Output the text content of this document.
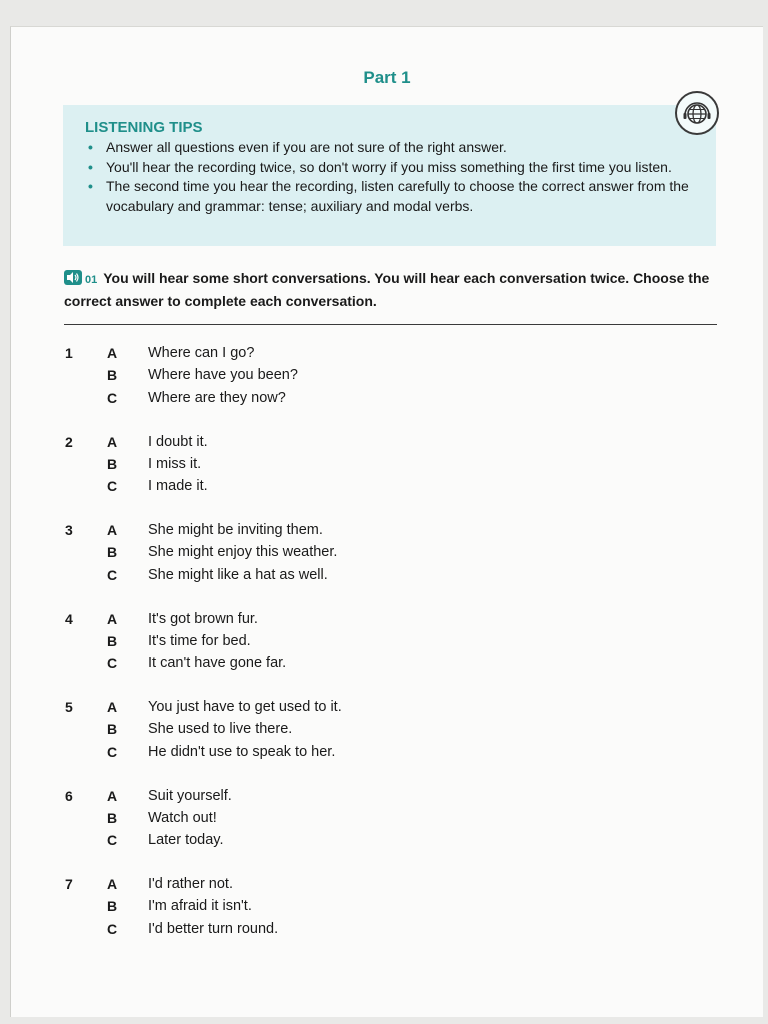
Part 1
LISTENING TIPS
• Answer all questions even if you are not sure of the right answer.
• You'll hear the recording twice, so don't worry if you miss something the first time you listen.
• The second time you hear the recording, listen carefully to choose the correct answer from the vocabulary and grammar: tense; auxiliary and modal verbs.
01 You will hear some short conversations. You will hear each conversation twice. Choose the correct answer to complete each conversation.
1 A Where can I go?
B Where have you been?
C Where are they now?
2 A I doubt it.
B I miss it.
C I made it.
3 A She might be inviting them.
B She might enjoy this weather.
C She might like a hat as well.
4 A It's got brown fur.
B It's time for bed.
C It can't have gone far.
5 A You just have to get used to it.
B She used to live there.
C He didn't use to speak to her.
6 A Suit yourself.
B Watch out!
C Later today.
7 A I'd rather not.
B I'm afraid it isn't.
C I'd better turn round.
